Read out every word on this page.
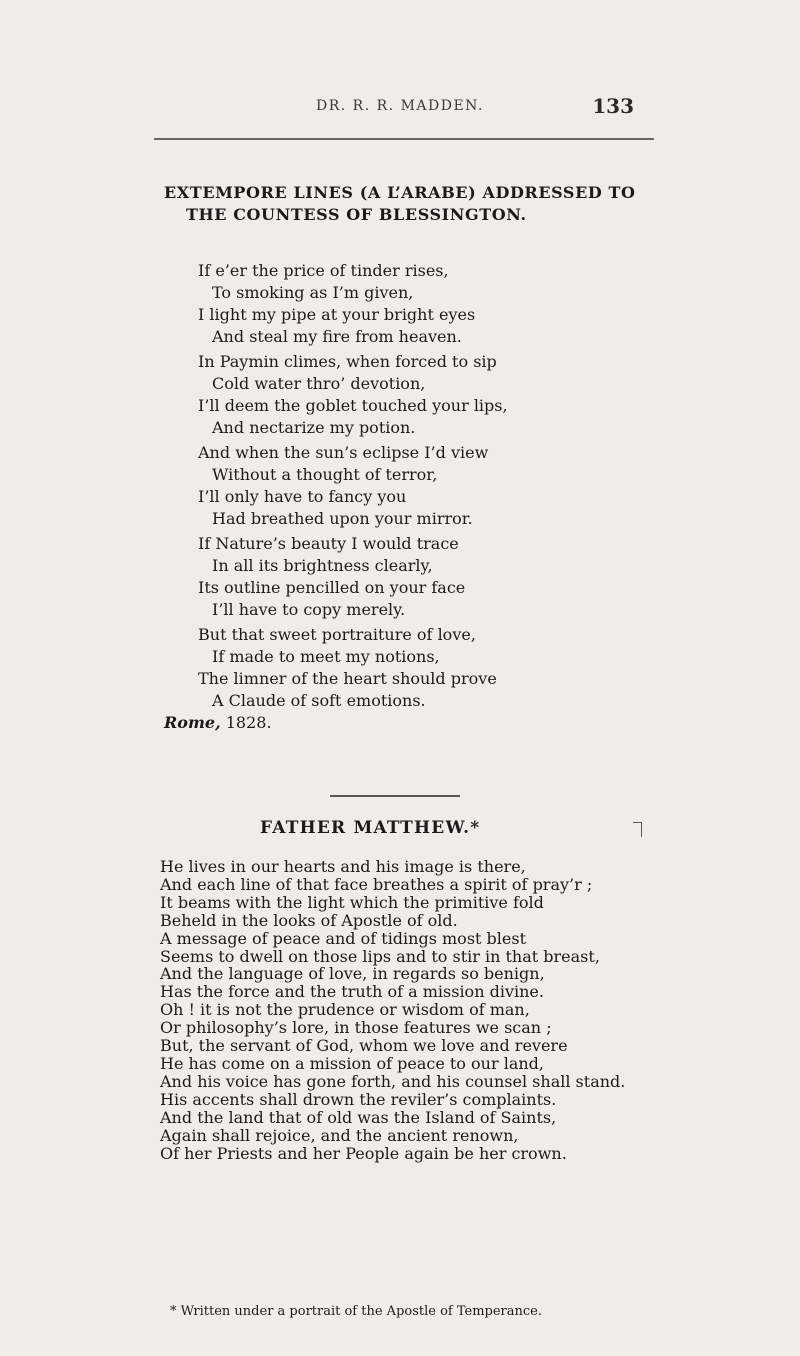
DR. R. R. MADDEN.	133
EXTEMPORE LINES (A L’ARABE) ADDRESSED TO
THE COUNTESS OF BLESSINGTON.
If e’er the price of tinder rises,
To smoking as I’m given,
I light my pipe at your bright eyes
And steal my fire from heaven.
In Paymin climes, when forced to sip
Cold water thro’ devotion,
I’ll deem the goblet touched your lips,
And nectarize my potion.
And when the sun’s eclipse I’d view
Without a thought of terror,
I’ll only have to fancy you
Had breathed upon your mirror.
If Nature’s beauty I would trace
In all its brightness clearly,
Its outline pencilled on your face
I’ll have to copy merely.
But that sweet portraiture of love,
If made to meet my notions,
The limner of the heart should prove
A Claude of soft emotions.
Rome, 1828.
FATHER MATTHEW.*
He lives in our hearts and his image is there,
And each line of that face breathes a spirit of pray’r ;
It beams with the light which the primitive fold
Beheld in the looks of Apostle of old.
A message of peace and of tidings most blest
Seems to dwell on those lips and to stir in that breast,
And the language of love, in regards so benign,
Has the force and the truth of a mission divine.
Oh ! it is not the prudence or wisdom of man,
Or philosophy’s lore, in those features we scan ;
But, the servant of God, whom we love and revere
He has come on a mission of peace to our land,
And his voice has gone forth, and his counsel shall stand.
His accents shall drown the reviler’s complaints.
And the land that of old was the Island of Saints,
Again shall rejoice, and the ancient renown,
Of her Priests and her People again be her crown.
* Written under a portrait of the Apostle of Temperance.
